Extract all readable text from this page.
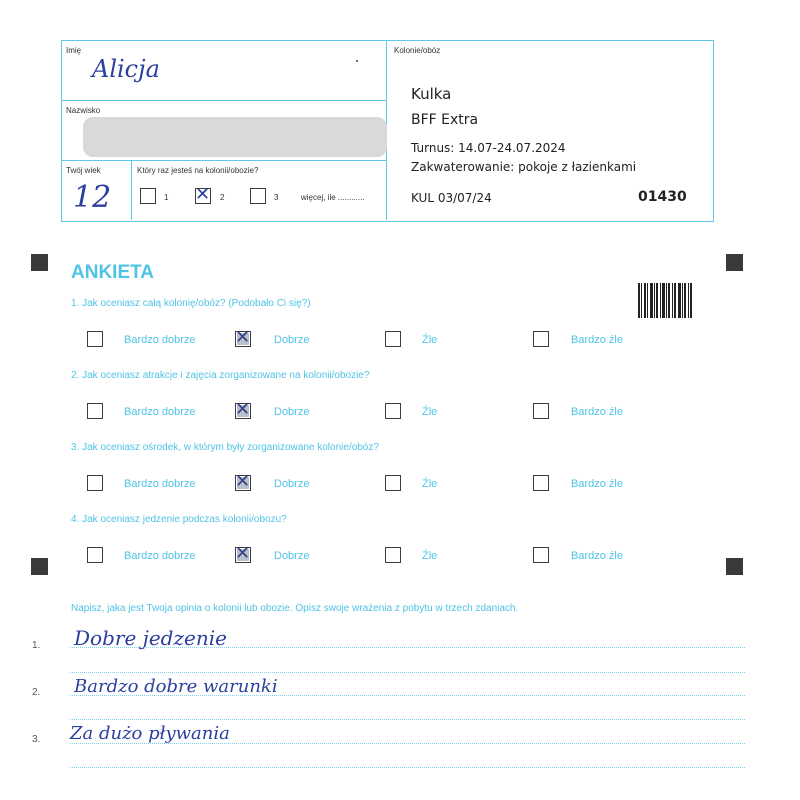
Imię
Alicja
Nazwisko
Twój wiek
12
Który raz jesteś na kolonii/obozie?
1 ✕ 2	3	więcej, ile ............
Kolonie/obóz
Kulka
BFF Extra
Turnus: 14.07-24.07.2024
Zakwaterowanie: pokoje z łazienkami
KUL 03/07/24	01430
ANKIETA
1. Jak oceniasz całą kolonię/obóz? (Podobało Ci się?)
Bardzo dobrze ✕ Dobrze	Źle	Bardzo źle
2. Jak oceniasz atrakcje i zajęcia zorganizowane na kolonii/obozie?
Bardzo dobrze ✕ Dobrze	Źle	Bardzo źle
3. Jak oceniasz ośrodek, w którym były zorganizowane kolonie/obóz?
Bardzo dobrze ✕ Dobrze	Źle	Bardzo źle
4. Jak oceniasz jedzenie podczas kolonii/obozu?
Bardzo dobrze ✕ Dobrze	Źle	Bardzo źle
Napisz, jaka jest Twoja opinia o kolonii lub obozie. Opisz swoje wrażenia z pobytu w trzech zdaniach.
1. Dobre jedzenie
2. Bardzo dobre warunki
3. Za dużo pływania
